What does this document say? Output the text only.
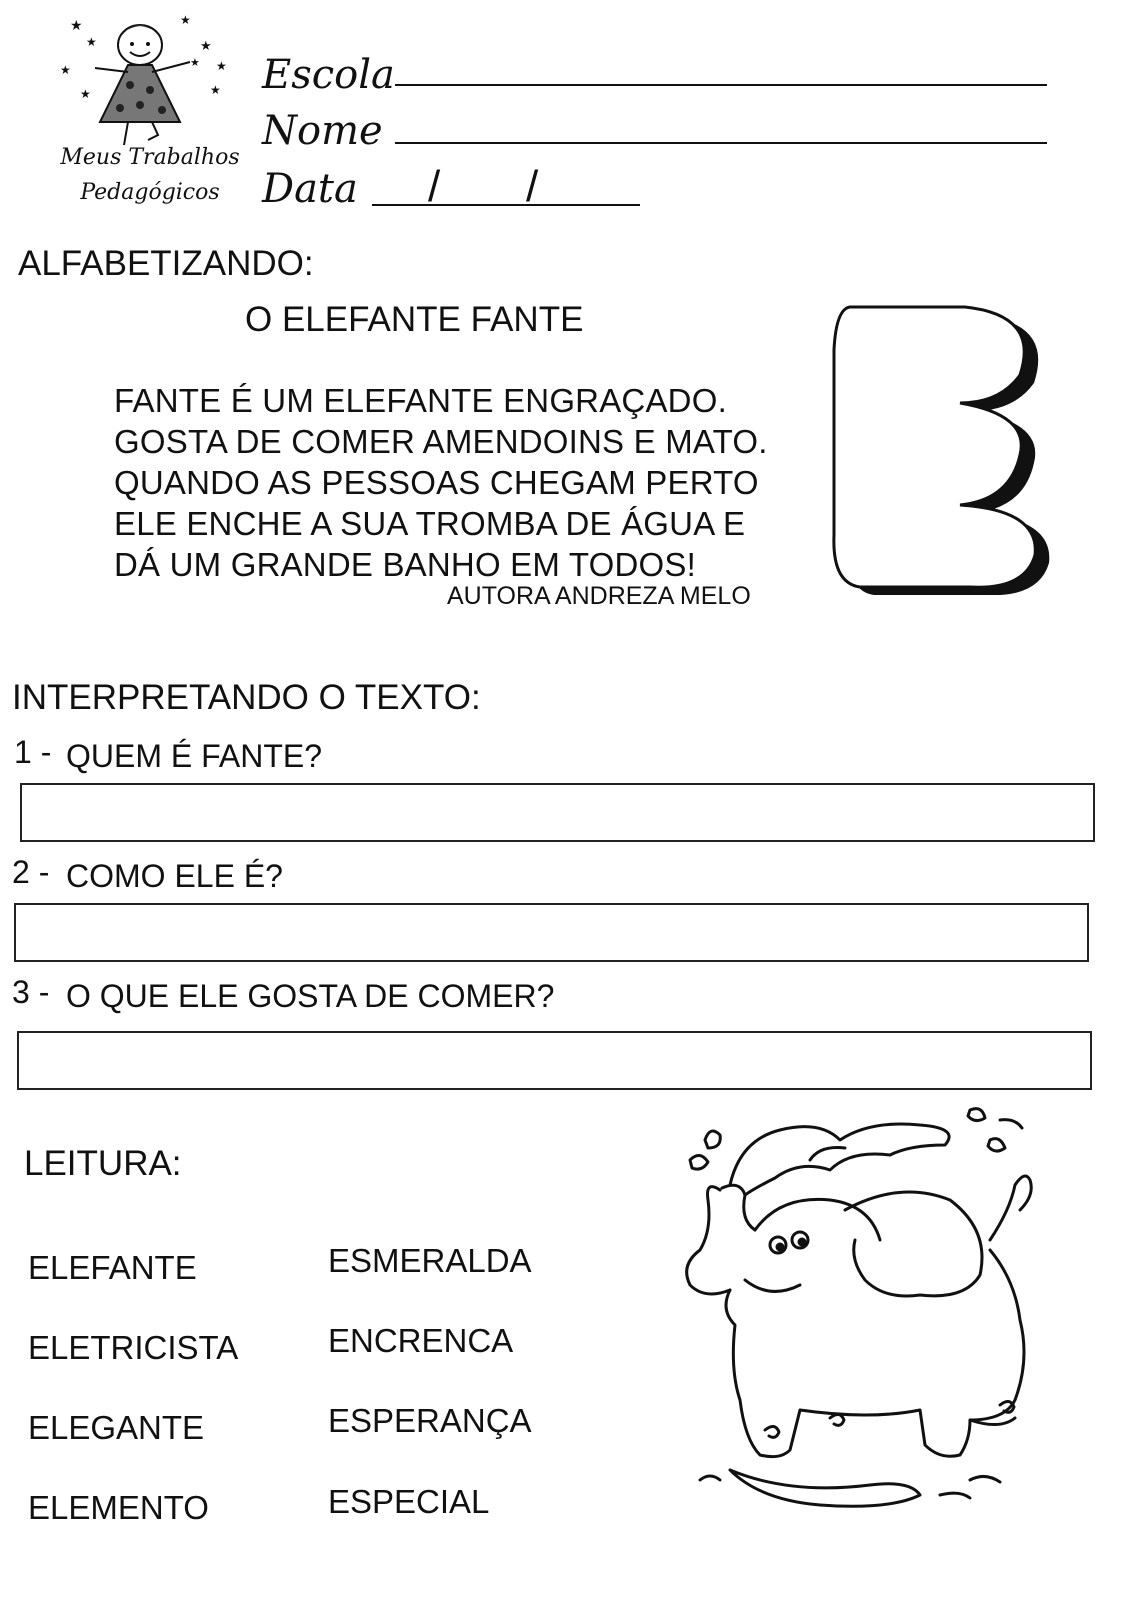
★
★
★
★
★
★
★	★
★
Meus Trabalhos
Pedagógicos
Escola
Nome
Data / /
ALFABETIZANDO:
O ELEFANTE FANTE
FANTE É UM ELEFANTE ENGRAÇADO.
GOSTA DE COMER AMENDOINS E MATO.
QUANDO AS PESSOAS CHEGAM PERTO
ELE ENCHE A SUA TROMBA DE ÁGUA E
DÁ UM GRANDE BANHO EM TODOS!
AUTORA ANDREZA MELO
INTERPRETANDO O TEXTO:
1 - QUEM É FANTE?
2 - COMO ELE É?
3 - O QUE ELE GOSTA DE COMER?
LEITURA:
ELEFANTE
ELETRICISTA
ELEGANTE
ELEMENTO
ESMERALDA
ENCRENCA
ESPERANÇA
ESPECIAL
